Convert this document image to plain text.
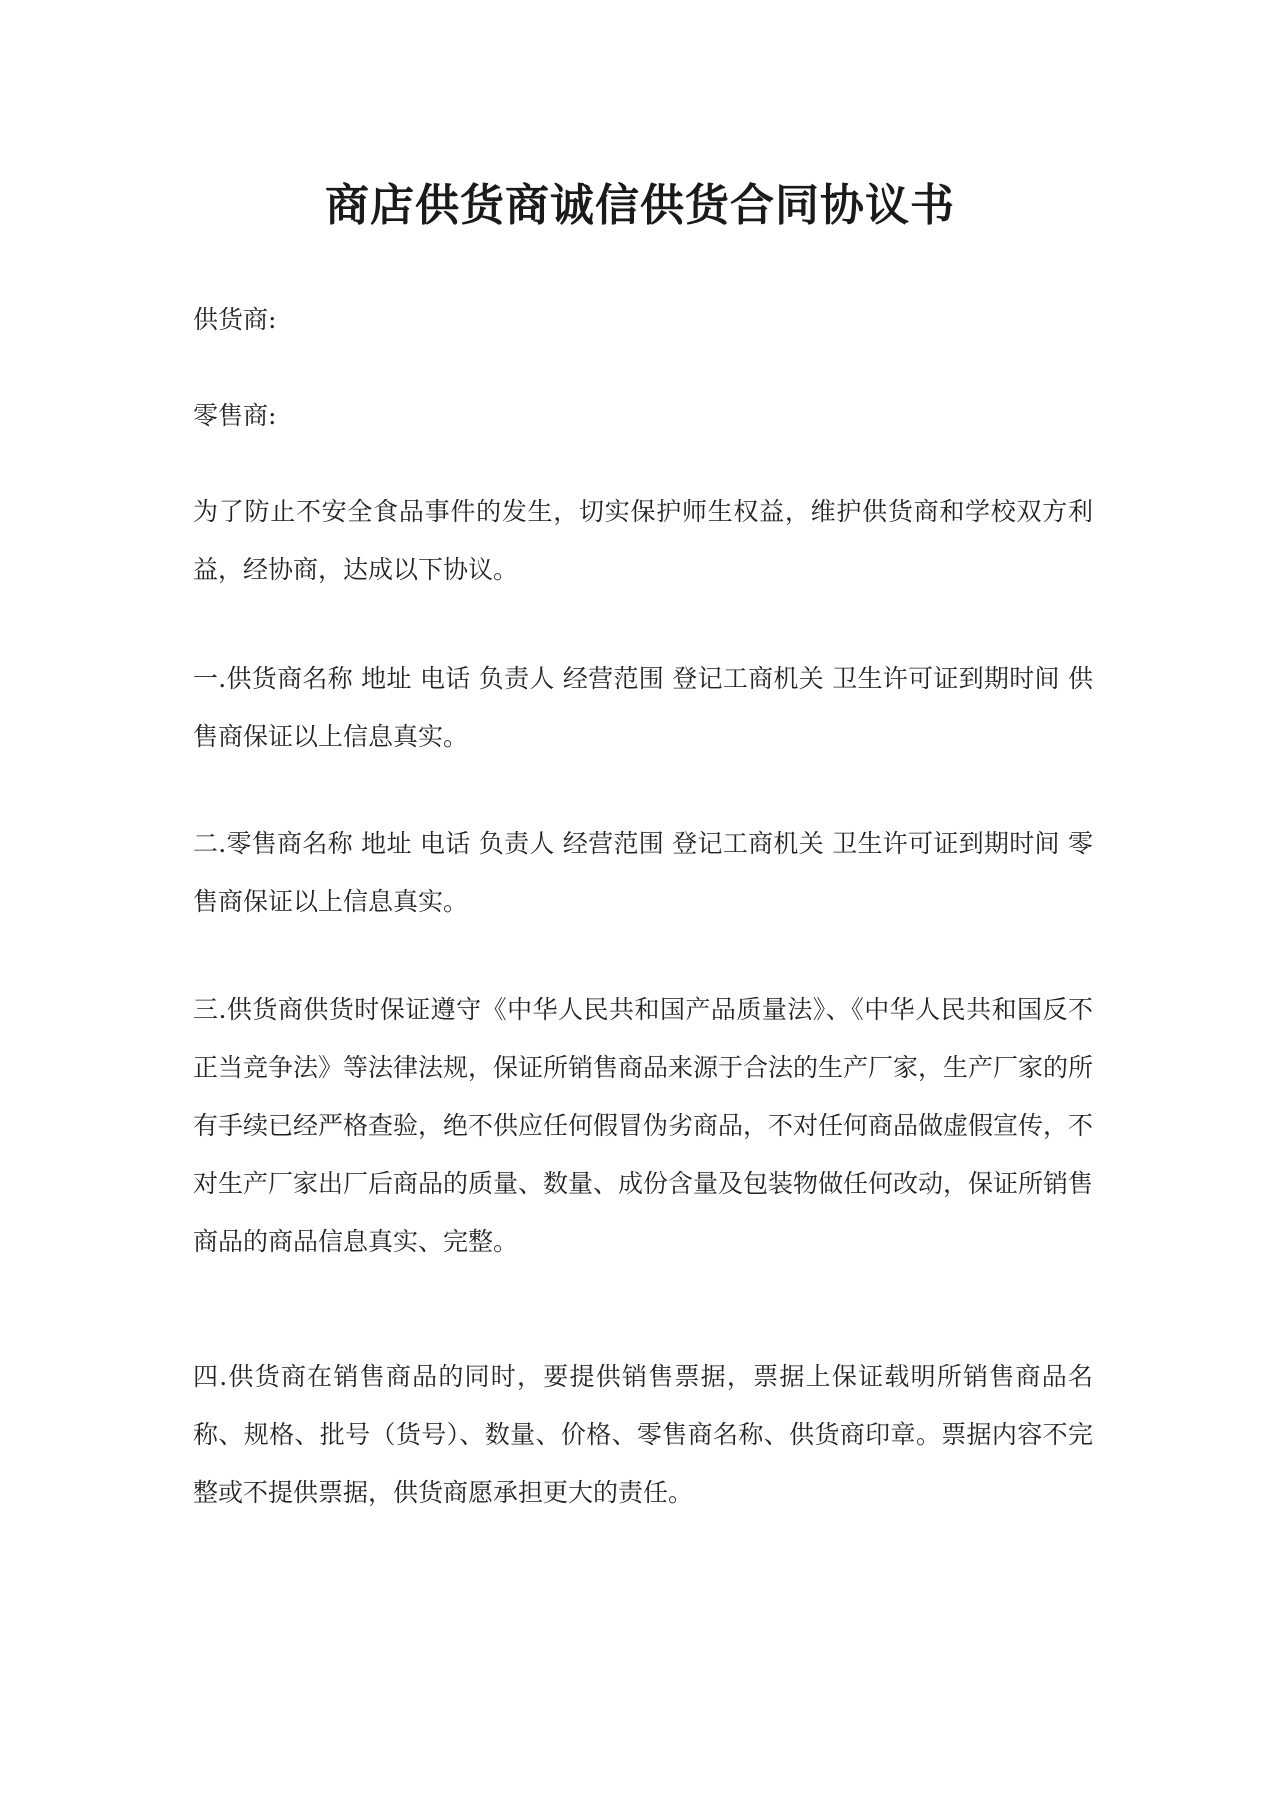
商店供货商诚信供货合同协议书
供货商:
零售商:
为了防止不安全食品事件的发生，切实保护师生权益，维护供货商和学校双方利益，经协商，达成以下协议。
一.供货商名称 地址 电话 负责人 经营范围 登记工商机关 卫生许可证到期时间 供售商保证以上信息真实。
二.零售商名称 地址 电话 负责人 经营范围 登记工商机关 卫生许可证到期时间 零售商保证以上信息真实。
三.供货商供货时保证遵守《中华人民共和国产品质量法》、《中华人民共和国反不正当竞争法》等法律法规，保证所销售商品来源于合法的生产厂家，生产厂家的所有手续已经严格查验，绝不供应任何假冒伪劣商品，不对任何商品做虚假宣传，不对生产厂家出厂后商品的质量、数量、成份含量及包装物做任何改动，保证所销售商品的商品信息真实、完整。
四.供货商在销售商品的同时，要提供销售票据，票据上保证载明所销售商品名称、规格、批号（货号）、数量、价格、零售商名称、供货商印章。票据内容不完整或不提供票据，供货商愿承担更大的责任。
